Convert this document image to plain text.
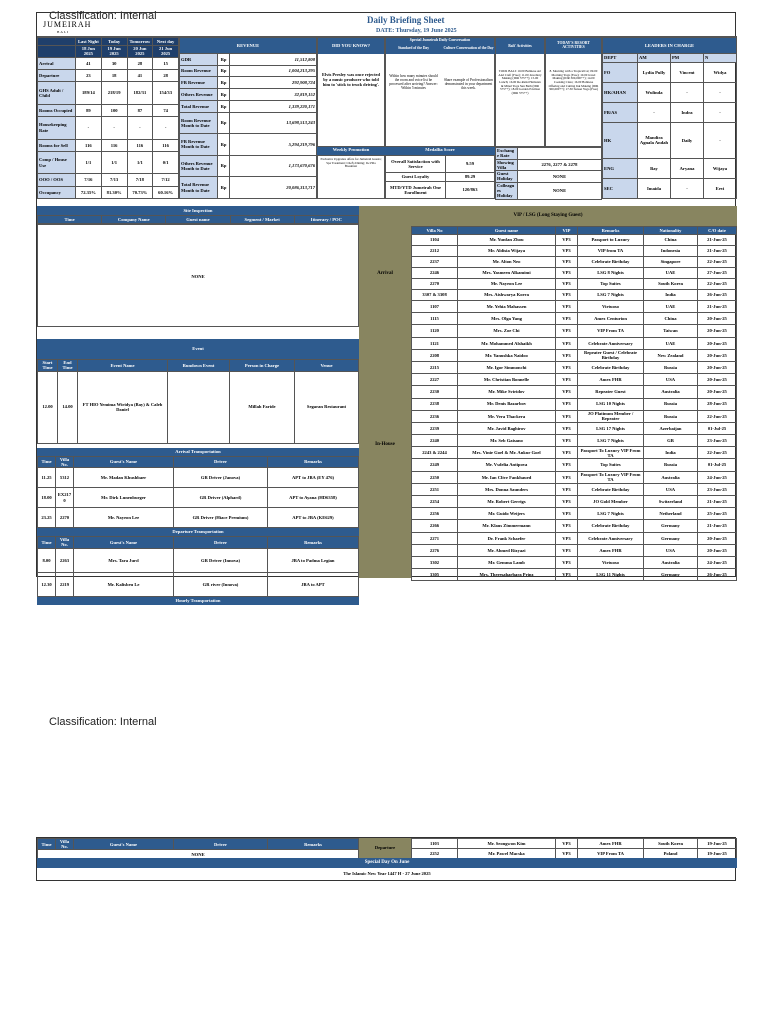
Classification: Internal
Classification: Internal
JUMEIRAH
BALI
Daily Briefing Sheet
DATE: Thursday, 19 June 2025
	Last Night	Today	Tomorrow	Next day
	18 Jun 2025	19 Jun 2025	20 Jun 2025	21 Jun 2025
Arrival	41	30	28	15
Departure	23	18	41	28
GHS Adult / Child	189/14	218/19	182/31	154/33
Rooms Occupied	89	100	87	74
Housekeeping Rate	-	-	-	-
Rooms for Sell	116	116	116	116
Comp / House Use	1/1	1/1	1/1	0/1
OOO / OOS	7/16	7/13	7/18	7/12
Occupancy	72.35%	81.30%	70.73%	60.16%
REVENUE		
GDR	Rp	11,512,808
Room Revenue	Rp	1,004,213,295
FB Revenue	Rp	292,908,724
Others Revenue	Rp	32,819,152
Total Revenue	Rp	1,339,220,171
Room Revenue Month to Date	Rp	13,698,513,243
FB Revenue Month to Date	Rp	5,294,219,796
Others Revenue Month to Date	Rp	1,173,670,676
Total Revenue Month to Date	Rp	20,086,313,717
DID YOU KNOW?
Elvis Presley was once rejected by a music producer who told him to 'stick to truck driving'.
Special Jumeirah Daily Conversation
Standard of the Day	Culture Conversation of the Day
Within how many minutes should the room and voice list be processed after arriving? Answer: Within 5 minutes
Share example of Professionalism demonstrated in your department this week.
Bali' Activities
TOUR BALI: 10.00 Balinese Art And Craft (Free); 11.00 Jewellery Making (IDR 575++); 15.00 Lunch; 16.00 Re-Reiki Hamsten & Minal Yoga Sun Bath (IDR 575++); 18.00 Garden Pavilion (IDR 575++)
TODAY'S RESORT ACTIVITIES
8. Morning with a TropicalCat; 09.00 Morning Yoga (Free); 10.00 Jewel Making (IDR 300,000++); 14.00 Cooking Class; 16.00 Balinese Offering and Cutting Ink Making (IDR 300,000++); 17.30 Sunset Yoga (Free)
LEADERS IN CHARGE			
DEPT	AM	PM	N
FO	Lydia Pully	Vincent	Widya
HK/AHAN	Wulinda	-	-
FB/AS	-	Indra	-
HK	Mandira Agnala Andah	Daily	-
ENG	Bay	Aryana	Wijaya
SEC	Imaida	-	Eevi
Weekly Promotion
Exclusive Upgrades offers for Jumeirah Guests; Spa Treatment; Chef's Dining; In-Villa Breakfast
Medallia Score
Overall Satisfaction with Service	9.59
Guest Loyalty	89.29
MTD/YTD Jumeirah One Enrollment	120/863
Exchange Rate	
Showing Villa	2276, 2277 & 2278
Guest Holiday	NONE
Colleagues Holiday	NONE
Site Inspection
Time	Company Name	Guest name	Segment / Market	Itinerary / POC
NONE
Event
Start Time	End Time	Event Name	Rundown Event	Person in Charge	Venue
12.00	14.00	FT HIO Yemima Wiridya (Bay) & Caleb Daniel		Millah Faride	Segaran Restaurant
Arrival Transportation
Time	Villa No.	Guest's Name	Driver	Remarks
11.25	5312	Mr. Madan Khushbaer	GR Driver (Janova)	APT to JBA (EY 476)
18.00	EX2170	Mr. Dirk Lunenburger	GR Driver (Alphard)	APT to Ayana (HD6358)
23.25	2270	Mr. Nayeon Lee	GR Driver (Hiace Premium)	APT to JBA (KE629)
Departure Transportation
Time	Villa No.	Guest's Name	Driver	Remarks
8.00	2263	Mrs. Tara Jurd	GR Driver (Innova)	JBA to Padma Legian
12.30	2219	Mr. Kalisbeu Le	GR river (Innova)	JBA to APT
Hourly Transportation
VIP / LSG (Long Staying Guest)
Arrival
In-House
Villa No	Guest name	VIP	Remarks	Nationality	C/O date
1104	Mr. Yunfan Zhou	VP3	Passport to Luxury	China	21-Jun-25
2212	Mr. Aldisia Wijaya	VP3	VIP from TA	Indonesia	21-Jun-25
2237	Mr. Alton Neo	VP3	Celebrate Birthday	Singapore	22-Jun-25
2246	Mrs. Yasmeen Alkamimi	VP3	LSG 8 Nights	UAE	27-Jun-25
2270	Mr. Nayeon Lee	VP3	Top Suites	South Korea	22-Jun-25
3307 & 3308	Mrs. Aishwarya Korra	VP3	LSG 7 Nights	India	26-Jun-25
1107	Mr. Yehia Mahassen	VP3	Virtuoso	UAE	21-Jun-25
1115	Mrs. Olga Yang	VP3	Amex Centurion	China	20-Jun-25
1120	Mrs. Zoe Chi	VP3	VIP From TA	Taiwan	20-Jun-25
1121	Mr. Mohammed Alshaikh	VP3	Celebrate Anniversary	UAE	20-Jun-25
2208	Mr. Yanushka Naidoo	VP3	Repeater Guest / Celebrate Birthday	New Zealand	20-Jun-25
2215	Mr. Igor Simmonchi	VP3	Celebrate Birthday	Russia	20-Jun-25
2227	Mr. Christian Bonnelle	VP3	Amex FHR	USA	20-Jun-25
2230	Mr. Mike Sviridov	VP3	Repeater Guest	Australia	20-Jun-25
2238	Mr. Denis Bazarbov	VP3	LSG 10 Nights	Russia	28-Jun-25
2236	Mr. Vera Thackera	VP3	JO Platinum Member / Repeater	Russia	22-Jun-25
2239	Mr. Javid Baghirov	VP3	LSG 17 Nights	Azerbaijan	01-Jul-25
2240	Mr. Seb Gaisano	VP3	LSG 7 Nights	GB	23-Jun-25
2243 & 2244	Mrs. Vinie Goel & Mr. Ankur Goel	VP3	Passport To Luxury VIP From TA	India	22-Jun-25
2249	Mr. Vsdelia Antipova	VP3	Top Suites	Russia	01-Jul-25
2250	Mr. Ian Clive Fankhaued	VP3	Passport To Luxury VIP From TA	Australia	24-Jun-25
2251	Mrs. Donna Saunders	VP3	Celebrate Birthday	USA	23-Jun-25
2254	Mr. Robert Gerrigs	VP3	JO Gold Member	Switzerland	21-Jun-25
2256	Mr. Guido Weijers	VP3	LSG 7 Nights	Netherland	25-Jun-25
2266	Mr. Klaus Zimmermann	VP3	Celebrate Birthday	Germany	21-Jun-25
2271	Dr. Frank Schaefer	VP3	Celebrate Anniversary	Germany	20-Jun-25
2276	Mr. Ahmed Rizyazi	VP3	Amex FHR	USA	20-Jun-25
3302	Mr. Gemma Lamb	VP3	Virtuoso	Australia	24-Jun-25
3305	Mrs. Theresabarbara Prinz	VP3	LSG 11 Nights	Germany	26-Jun-25
Time	Villa No.	Guest's Name	Driver	Remarks
NONE
Departure
1103	Mr. Seongwon Kim	VP3	Amex FHR	South Korea	19-Jun-25
2252	Mr. Pawel Macska	VP3	VIP From TA	Poland	19-Jun-25
Special Day On June
The Islamic New Year 1447 H - 27 June 2025
